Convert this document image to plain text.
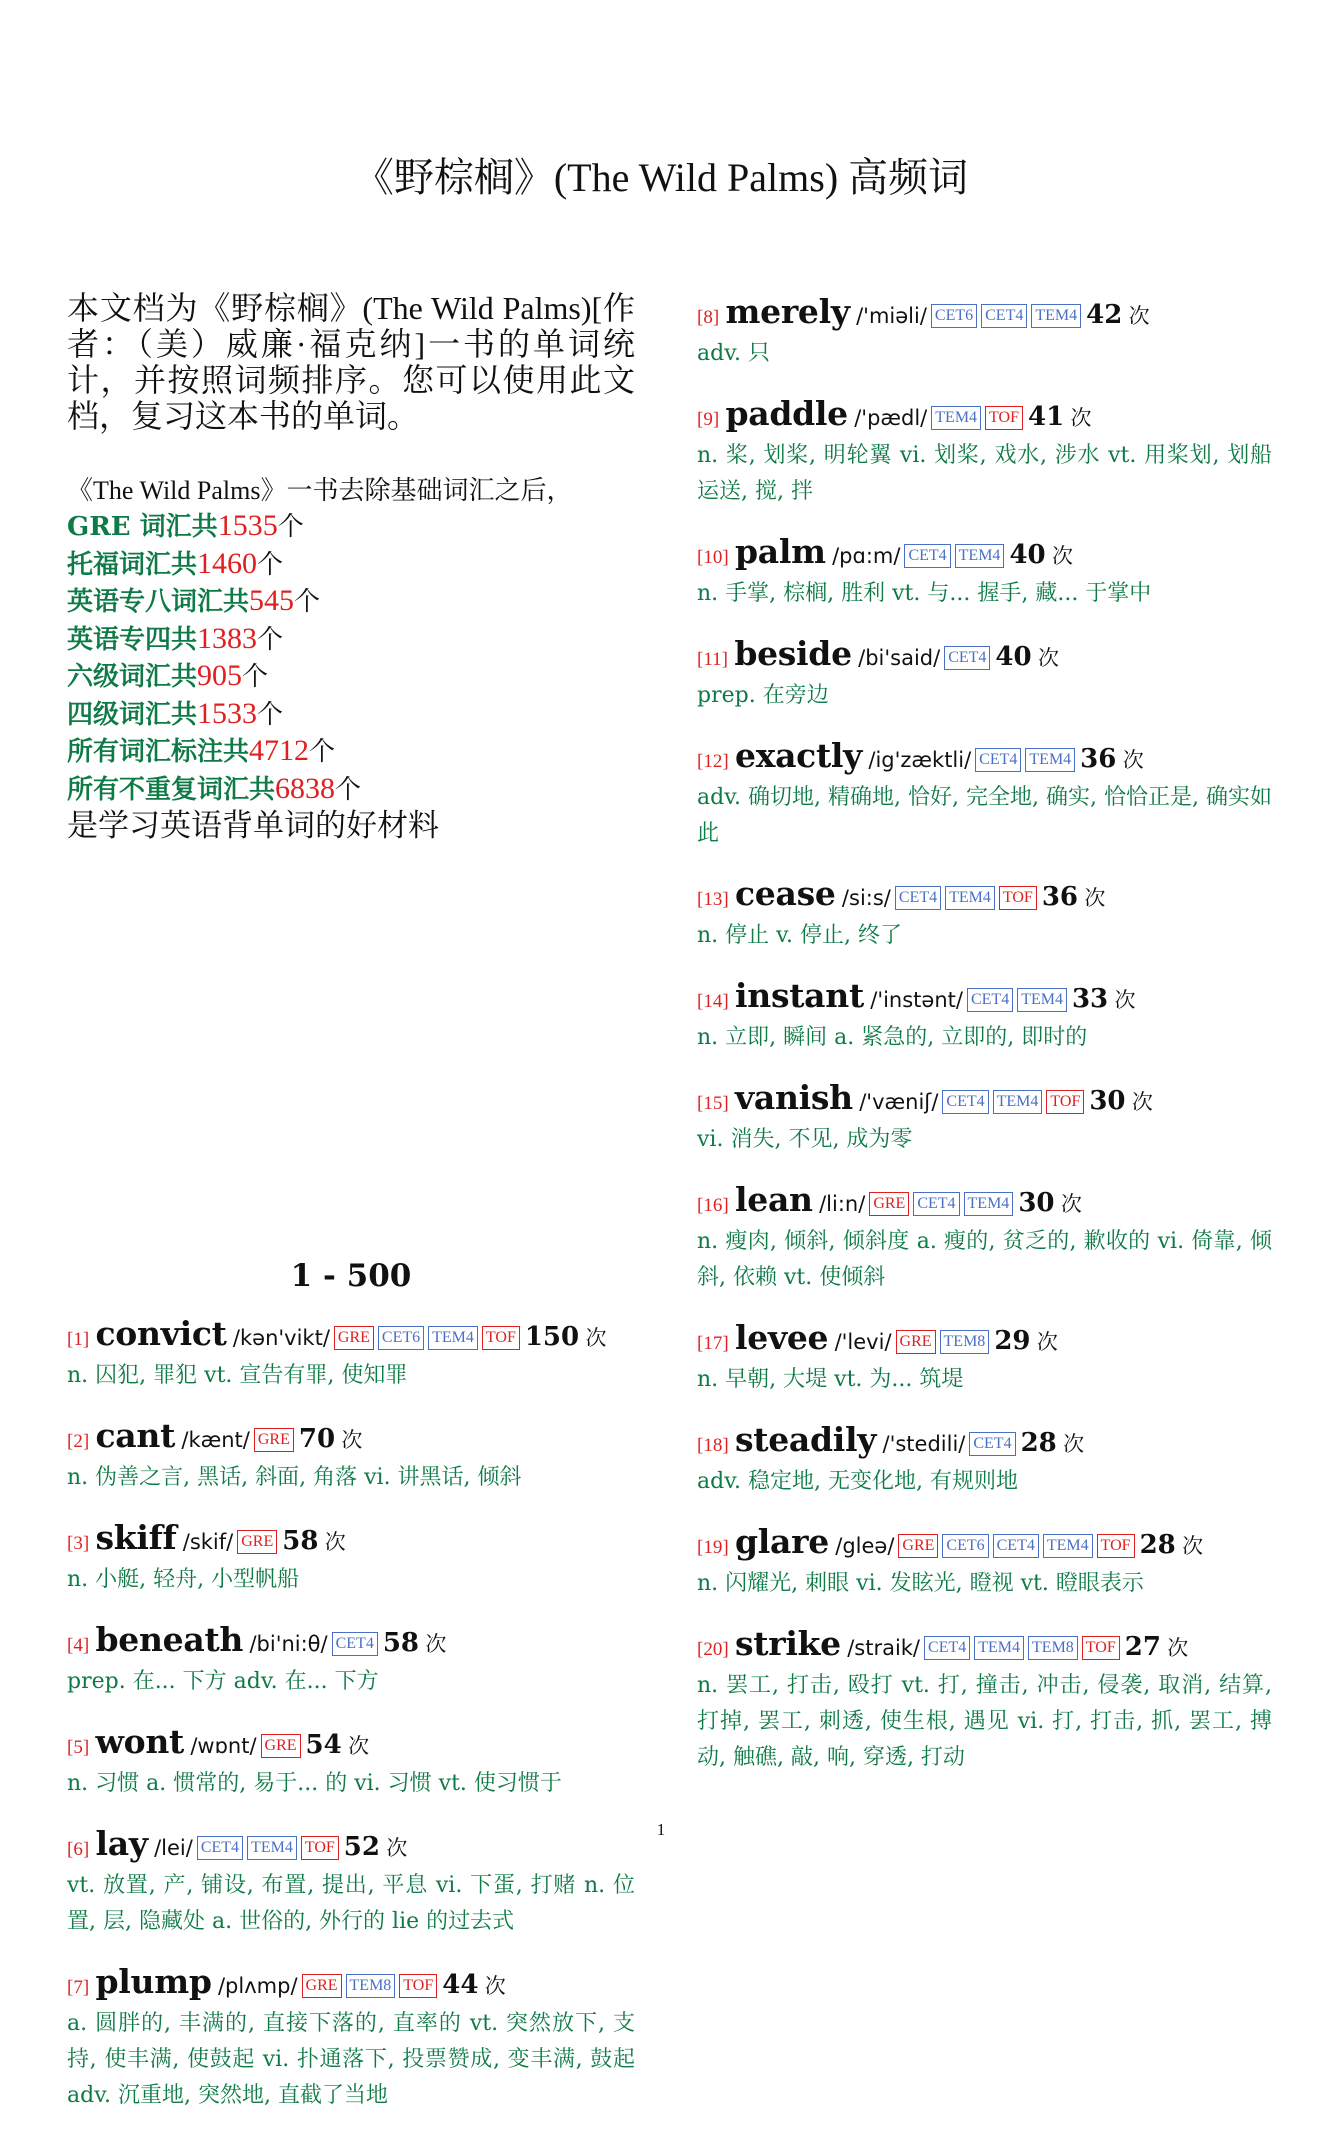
《野棕榈》(The Wild Palms) 高频词
本文档为《野棕榈》(The Wild Palms)[作者：（美）威廉·福克纳]一书的单词统计，并按照词频排序。您可以使用此文档，复习这本书的单词。
《The Wild Palms》一书去除基础词汇之后，
GRE 词汇共1535个
托福词汇共1460个
英语专八词汇共545个
英语专四共1383个
六级词汇共905个
四级词汇共1533个
所有词汇标注共4712个
所有不重复词汇共6838个
是学习英语背单词的好材料
1 - 500
[1] convict /kən'vikt/ GRE CET6 TEM4 TOF 150 次
n. 囚犯, 罪犯 vt. 宣告有罪, 使知罪
[2] cant /kænt/ GRE 70 次
n. 伪善之言, 黑话, 斜面, 角落 vi. 讲黑话, 倾斜
[3] skiff /skif/ GRE 58 次
n. 小艇, 轻舟, 小型帆船
[4] beneath /bi'ni:θ/ CET4 58 次
prep. 在... 下方 adv. 在... 下方
[5] wont /wɒnt/ GRE 54 次
n. 习惯 a. 惯常的, 易于... 的 vi. 习惯 vt. 使习惯于
[6] lay /lei/ CET4 TEM4 TOF 52 次
vt. 放置, 产, 铺设, 布置, 提出, 平息 vi. 下蛋, 打赌 n. 位置, 层, 隐藏处 a. 世俗的, 外行的 lie 的过去式
[7] plump /plʌmp/ GRE TEM8 TOF 44 次
a. 圆胖的, 丰满的, 直接下落的, 直率的 vt. 突然放下, 支持, 使丰满, 使鼓起 vi. 扑通落下, 投票赞成, 变丰满, 鼓起 adv. 沉重地, 突然地, 直截了当地
[8] merely /'miəli/ CET6 CET4 TEM4 42 次
adv. 只
[9] paddle /'pædl/ TEM4 TOF 41 次
n. 桨, 划桨, 明轮翼 vi. 划桨, 戏水, 涉水 vt. 用桨划, 划船运送, 搅, 拌
[10] palm /pɑ:m/ CET4 TEM4 40 次
n. 手掌, 棕榈, 胜利 vt. 与... 握手, 藏... 于掌中
[11] beside /bi'said/ CET4 40 次
prep. 在旁边
[12] exactly /ig'zæktli/ CET4 TEM4 36 次
adv. 确切地, 精确地, 恰好, 完全地, 确实, 恰恰正是, 确实如此
[13] cease /si:s/ CET4 TEM4 TOF 36 次
n. 停止 v. 停止, 终了
[14] instant /'instənt/ CET4 TEM4 33 次
n. 立即, 瞬间 a. 紧急的, 立即的, 即时的
[15] vanish /'væniʃ/ CET4 TEM4 TOF 30 次
vi. 消失, 不见, 成为零
[16] lean /li:n/ GRE CET4 TEM4 30 次
n. 瘦肉, 倾斜, 倾斜度 a. 瘦的, 贫乏的, 歉收的 vi. 倚靠, 倾斜, 依赖 vt. 使倾斜
[17] levee /'levi/ GRE TEM8 29 次
n. 早朝, 大堤 vt. 为... 筑堤
[18] steadily /'stedili/ CET4 28 次
adv. 稳定地, 无变化地, 有规则地
[19] glare /gleə/ GRE CET6 CET4 TEM4 TOF 28 次
n. 闪耀光, 刺眼 vi. 发眩光, 瞪视 vt. 瞪眼表示
[20] strike /straik/ CET4 TEM4 TEM8 TOF 27 次
n. 罢工, 打击, 殴打 vt. 打, 撞击, 冲击, 侵袭, 取消, 结算, 打掉, 罢工, 刺透, 使生根, 遇见 vi. 打, 打击, 抓, 罢工, 搏动, 触礁, 敲, 响, 穿透, 打动
1
